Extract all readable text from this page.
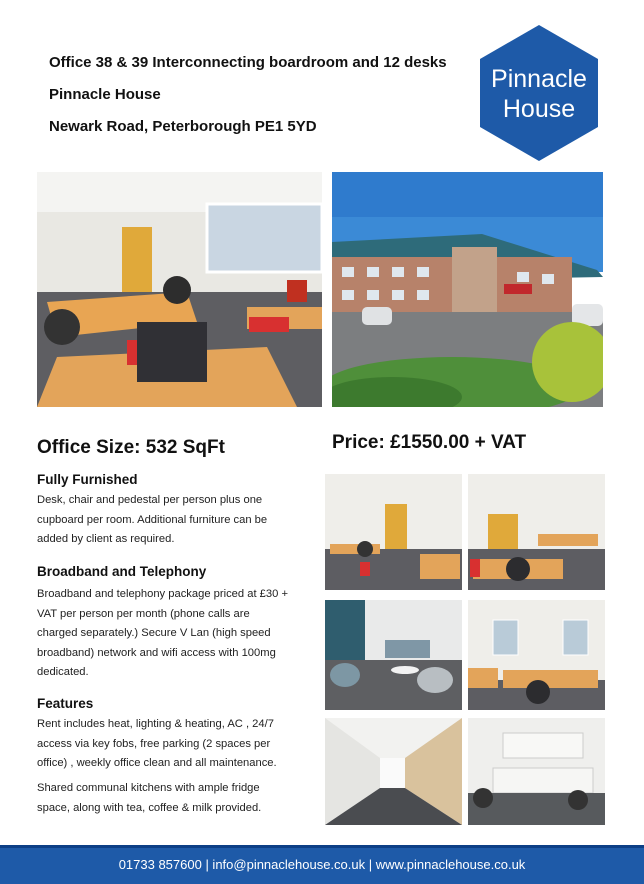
Office 38 & 39 Interconnecting boardroom and 12 desks
Pinnacle House
Newark Road, Peterborough PE1 5YD
Pinnacle
House
Office Size: 532 SqFt	Price: £1550.00 + VAT
Fully Furnished
Desk, chair and pedestal per person plus one
cupboard per room. Additional furniture can be
added by client as required.
Broadband and Telephony
Broadband and telephony package priced at £30 +
VAT per person per month (phone calls are
charged separately.) Secure V Lan (high speed
broadband) network and wifi access with 100mg
dedicated.
Features
Rent includes heat, lighting & heating, AC , 24/7
access via key fobs, free parking (2 spaces per
office) , weekly office clean and all maintenance.
Shared communal kitchens with ample fridge
space, along with tea, coffee & milk provided.
01733 857600 | info@pinnaclehouse.co.uk | www.pinnaclehouse.co.uk
